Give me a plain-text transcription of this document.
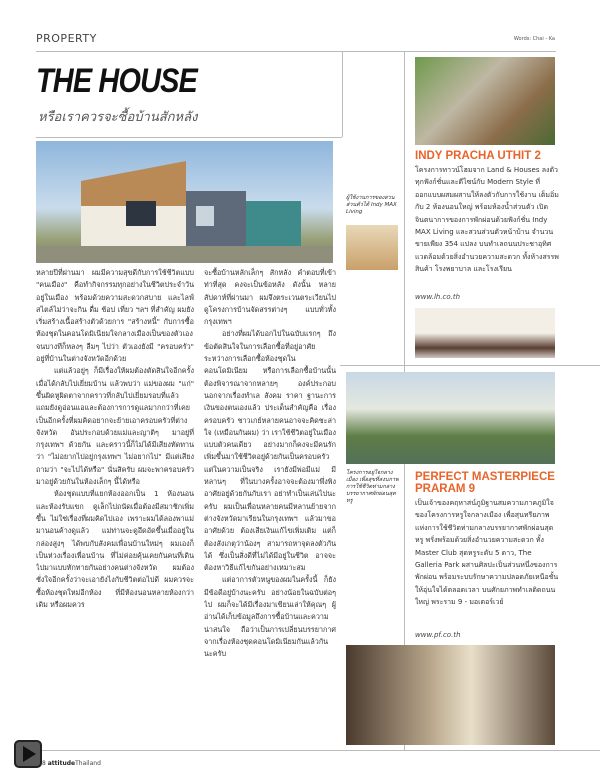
PROPERTY	Words: Chai - Ka
THE HOUSE
หรือเราควรจะซื้อบ้านสักหลัง

หลายปีที่ผ่านมา ผมมีความสุขดีกับการใช้ชีวิตแบบ "คนเมือง" คือทำกิจกรรมทุกอย่างในชีวิตประจำวันอยู่ในเมือง พร้อมด้วยความสะดวกสบาย และไลฟ์สไตล์ไม่ว่าจะกิน ดื่ม ช้อป เที่ยว ฯลฯ ที่สำคัญ ผมยังเริ่มสร้างเนื้อสร้างตัวด้วยการ "สร้างหนี้" กับการซื้อห้องชุดในคอนโดมิเนียมใจกลางเมืองเป็นของตัวเอง จนบางทีก็หลงๆ ลืมๆ ไปว่า ตัวเองยังมี "ครอบครัว" อยู่ที่บ้านในต่างจังหวัดอีกด้วย

แต่แล้วอยู่ๆ ก็มีเรื่องให้ผมต้องตัดสินใจอีกครั้ง เมื่อได้กลับไปเยี่ยมบ้าน แล้วพบว่า แม่ของผม "แก่" ขึ้นผิดหูผิดตาจากคราวที่กลับไปเยี่ยมรอบที่แล้ว แถมยังดูอ่อนแอและต้องการการดูแลมากกว่าที่เคย เป็นอีกครั้งที่ผมคิดอยากจะย้ายเอาครอบครัวที่ต่างจังหวัด อันประกอบด้วยแม่และญาติๆ มาอยู่ที่กรุงเทพฯ ด้วยกัน และคราวนี้ก็ไม่ได้มีเสียงทัดทานว่า "ไม่อยากไปอยู่กรุงเทพฯ ไม่อยากไป" มีแต่เสียงถามว่า "จะไปได้หรือ" นั่นสิครับ ผมจะพาครอบครัวมาอยู่ด้วยกันในห้องเล็กๆ นี้ได้หรือ

ห้องชุดแบบที่แยกห้องออกเป็น 1 ห้องนอน และห้องรับแขก ดูเล็กไปถนัดเมื่อต้องมีสมาชิกเพิ่มขึ้น ไม่ใช่เรื่องที่ผมคิดไปเอง เพราะผมได้ลองพาแม่มานอนค้างดูแล้ว แม่ท่านจะดูอึดอัดขึ้นเมื่ออยู่ในกล่องสูงๆ ได้พบกับสังคมเพื่อนบ้านใหม่ๆ ผมเองก็เป็นห่วงเรื่องเพื่อนบ้าน ที่ไม่ค่อยคุ้นเคยกันคนที่เดินไปมาแบบทักทายกันอย่างคนต่างจังหวัด ผมต้องชั่งใจอีกครั้งว่าจะเอายังไงกับชีวิตต่อไปดี ผมควรจะซื้อห้องชุดใหม่อีกห้อง ที่มีห้องนอนหลายห้องกว่าเดิม หรือผมควร

จะซื้อบ้านหลักเล็กๆ สักหลัง คำตอบที่เข้าท่าที่สุด คงจะเป็นข้อหลัง ดังนั้น หลายสัปดาห์ที่ผ่านมา ผมจึงตระเวนตระเวียนไปดูโครงการบ้านจัดสรรต่างๆ แบบทั่วทั้งกรุงเทพฯ

อย่างที่ผมได้บอกไปในฉบับแรกๆ ถึงข้อตัดสินใจในการเลือกซื้อที่อยู่อาศัย ระหว่างการเลือกซื้อห้องชุดในคอนโดมิเนียม หรือการเลือกซื้อบ้านนั้น ต้องพิจารณาจากหลายๆ องค์ประกอบ นอกจากเรื่องทำเล สังคม ราคา ฐานะการเงินของตนเองแล้ว ประเด็นสำคัญคือ เรื่องครอบครัว ชาวเกย์หลายคนอาจจะคิดชะล่าใจ (เหมือนกันผม) ว่า เราใช้ชีวิตอยู่ในเมืองแบบตัวคนเดียว อย่างมากก็คงจะมีคนรักเพิ่มขึ้นมาใช้ชีวิตอยู่ด้วยกันเป็นครอบครัว แต่ในความเป็นจริง เรายังมีพ่อมีแม่ มีหลานๆ ที่ในบางครั้งอาจจะต้องมาพึ่งพิงอาศัยอยู่ด้วยกันกับเรา อย่าทำเป็นเล่นไปนะครับ ผมเป็นเพื่อนหลายคนมีหลานย้ายจากต่างจังหวัดมาเรียนในกรุงเทพฯ แล้วมาขออาศัยด้วย ต้องเสียเงินแก้ไขเพิ่มเติม แต่ก็ต้องสังเกตุว่าน้องๆ สามารถหาจุดลงตัวกันได้ ซึ่งเป็นสิ่งดีที่ไม่ได้มีอยู่ในชีวิต อาจจะต้องหาวิธีแก้ไขกันอย่างเหมาะสม

แต่อาการตัวหนูของผมในครั้งนี้ ก็ยังมีข้อดีอยู่บ้างนะครับ อย่างน้อยในฉบับต่อๆ ไป ผมก็จะได้มีเรื่องมาเขียนเล่าให้คุณๆ ผู้อ่านได้เก็บข้อมูลถึงการซื้อบ้านและความน่าสนใจ ถือว่าเป็นการเปลี่ยนบรรยากาศจากเรื่องห้องชุดคอนโดมิเนียมกันแล้วกันนะครับ

ผู้ใช้งานการของสวนส่วนตัวได้ Indy MAX Living
INDY PRACHA UTHIT 2
โครงการทาวน์โฮมจาก Land & Houses ลงตัวทุกฟังก์ชั่นและดีไซน์กับ Modern Style ที่ออกแบบผสมผสานให้ลงตัวกับการใช้งาน เต็มอิ่มกับ 2 ห้องนอนใหญ่ พร้อมห้องน้ำส่วนตัว เปิดจินตนาการของการพักผ่อนด้วยฟังก์ชั่น Indy MAX Living และสวนส่วนตัวหน้าบ้าน จำนวนขายเพียง 354 แปลง บนทำเลถนนประชาอุทิศ แวดล้อมด้วยสิ่งอำนวยความสะดวก ทั้งห้างสรรพสินค้า โรงพยาบาล และโรงเรียน
www.lh.co.th
โครงการอยู่ใจกลางเมือง เพื่อสุขที่สงบภาพการใช้ชีวิตท่ามกลางบรรยากาศพักผ่อนสุดหรู
PERFECT MASTERPIECE PRARAM 9
เป็นเจ้าของคฤหาสน์ภูมิฐานสมความภาคภูมิใจ ของโครงการหรูใจกลางเมือง เพื่อสุนทรียภาพแห่งการใช้ชีวิตท่ามกลางบรรยากาศพักผ่อนสุดหรู พรั่งพร้อมด้วยสิ่งอำนวยความสะดวก ทั้ง Master Club สุดหรูระดับ 5 ดาว, The Galleria Park ผสานศิลปะเป็นส่วนหนึ่งของการพักผ่อน พร้อมระบบรักษาความปลอดภัยเหนือชั้น ให้อุ่นใจได้ตลอดเวลา บนศักยภาพทำเลติดถนนใหญ่ พระราม 9 - มอเตอร์เวย์
www.pf.co.th
8 attitudeThailand
